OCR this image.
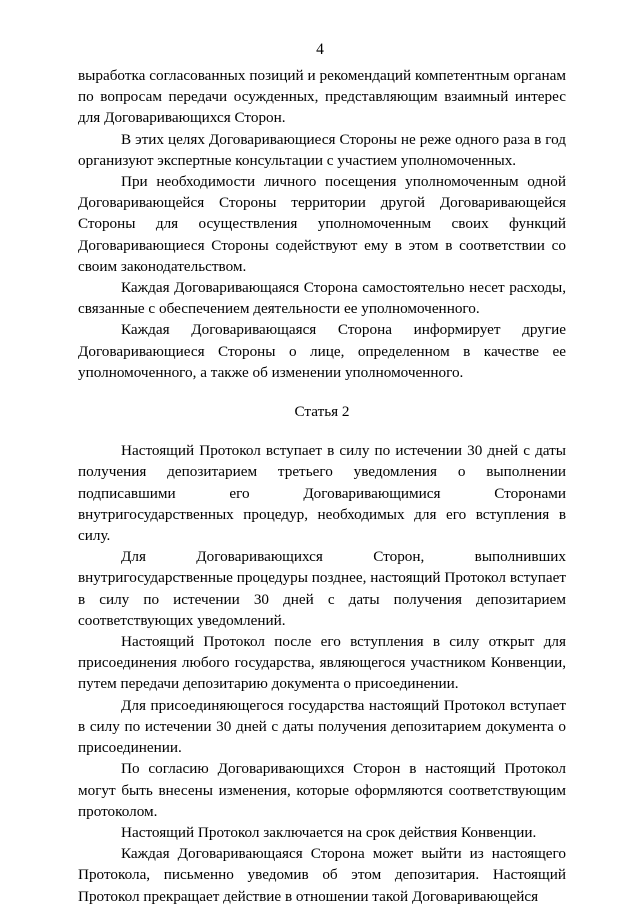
4

выработка согласованных позиций и рекомендаций компетентным органам по вопросам передачи осужденных, представляющим взаимный интерес для Договаривающихся Сторон.

В этих целях Договаривающиеся Стороны не реже одного раза в год организуют экспертные консультации с участием уполномоченных.

При необходимости личного посещения уполномоченным одной Договаривающейся Стороны территории другой Договаривающейся Стороны для осуществления уполномоченным своих функций Договаривающиеся Стороны содействуют ему в этом в соответствии со своим законодательством.

Каждая Договаривающаяся Сторона самостоятельно несет расходы, связанные с обеспечением деятельности ее уполномоченного.

Каждая Договаривающаяся Сторона информирует другие Договаривающиеся Стороны о лице, определенном в качестве ее уполномоченного, а также об изменении уполномоченного.

Статья 2

Настоящий Протокол вступает в силу по истечении 30 дней с даты получения депозитарием третьего уведомления о выполнении подписавшими его Договаривающимися Сторонами внутригосударственных процедур, необходимых для его вступления в силу.

Для Договаривающихся Сторон, выполнивших внутригосударственные процедуры позднее, настоящий Протокол вступает в силу по истечении 30 дней с даты получения депозитарием соответствующих уведомлений.

Настоящий Протокол после его вступления в силу открыт для присоединения любого государства, являющегося участником Конвенции, путем передачи депозитарию документа о присоединении.

Для присоединяющегося государства настоящий Протокол вступает в силу по истечении 30 дней с даты получения депозитарием документа о присоединении.

По согласию Договаривающихся Сторон в настоящий Протокол могут быть внесены изменения, которые оформляются соответствующим протоколом.

Настоящий Протокол заключается на срок действия Конвенции.

Каждая Договаривающаяся Сторона может выйти из настоящего Протокола, письменно уведомив об этом депозитария. Настоящий Протокол прекращает действие в отношении такой Договаривающейся
